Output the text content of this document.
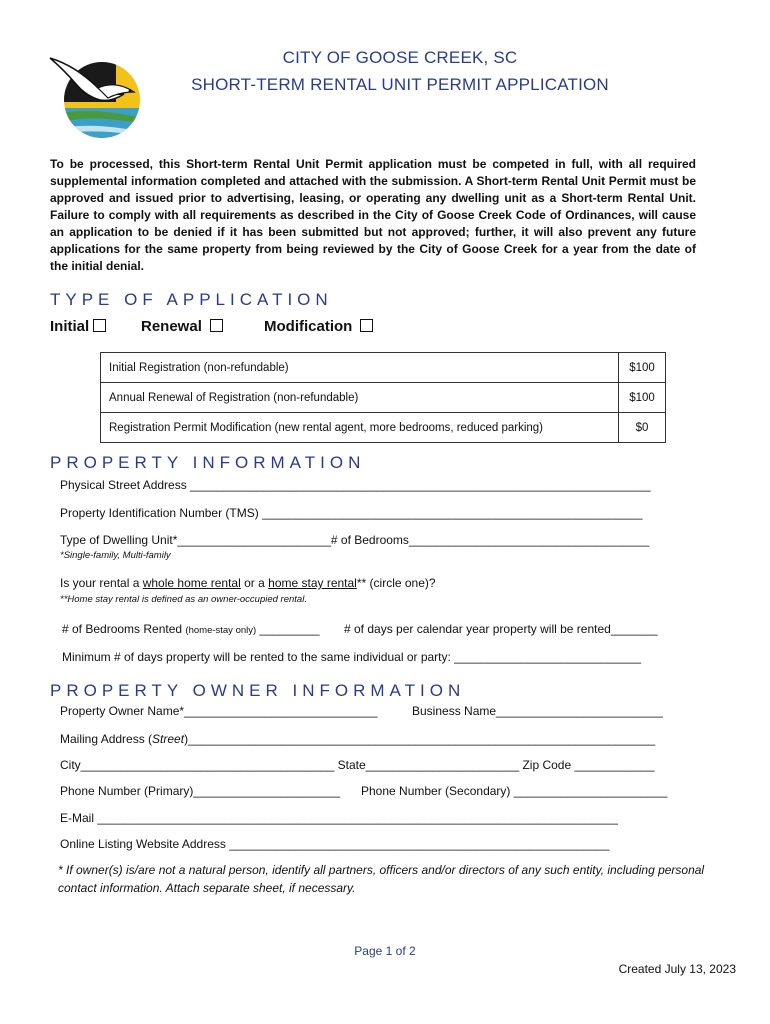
CITY OF GOOSE CREEK, SC
SHORT-TERM RENTAL UNIT PERMIT APPLICATION
To be processed, this Short-term Rental Unit Permit application must be competed in full, with all required supplemental information completed and attached with the submission. A Short-term Rental Unit Permit must be approved and issued prior to advertising, leasing, or operating any dwelling unit as a Short-term Rental Unit. Failure to comply with all requirements as described in the City of Goose Creek Code of Ordinances, will cause an application to be denied if it has been submitted but not approved; further, it will also prevent any future applications for the same property from being reviewed by the City of Goose Creek for a year from the date of the initial denial.
TYPE OF APPLICATION
Initial	Renewal	Modification
Initial Registration (non-refundable)	$100
Annual Renewal of Registration (non-refundable)	$100
Registration Permit Modification (new rental agent, more bedrooms, reduced parking)	$0
PROPERTY INFORMATION
Physical Street Address _____________________________________________________________________
Property Identification Number (TMS) _________________________________________________________
Type of Dwelling Unit*_______________________# of Bedrooms____________________________________
*Single-family, Multi-family
Is your rental a whole home rental or a home stay rental** (circle one)?
**Home stay rental is defined as an owner-occupied rental.
# of Bedrooms Rented (home-stay only) _________ # of days per calendar year property will be rented_______
Minimum # of days property will be rented to the same individual or party: ____________________________
PROPERTY OWNER INFORMATION
Property Owner Name*_____________________________	Business Name_________________________
Mailing Address (Street)______________________________________________________________________
City______________________________________ State_______________________ Zip Code ____________
Phone Number (Primary)______________________ Phone Number (Secondary) _______________________
E-Mail ______________________________________________________________________________
Online Listing Website Address _________________________________________________________
* If owner(s) is/are not a natural person, identify all partners, officers and/or directors of any such entity, including personal contact information. Attach separate sheet, if necessary.
Page 1 of 2
Created July 13, 2023
